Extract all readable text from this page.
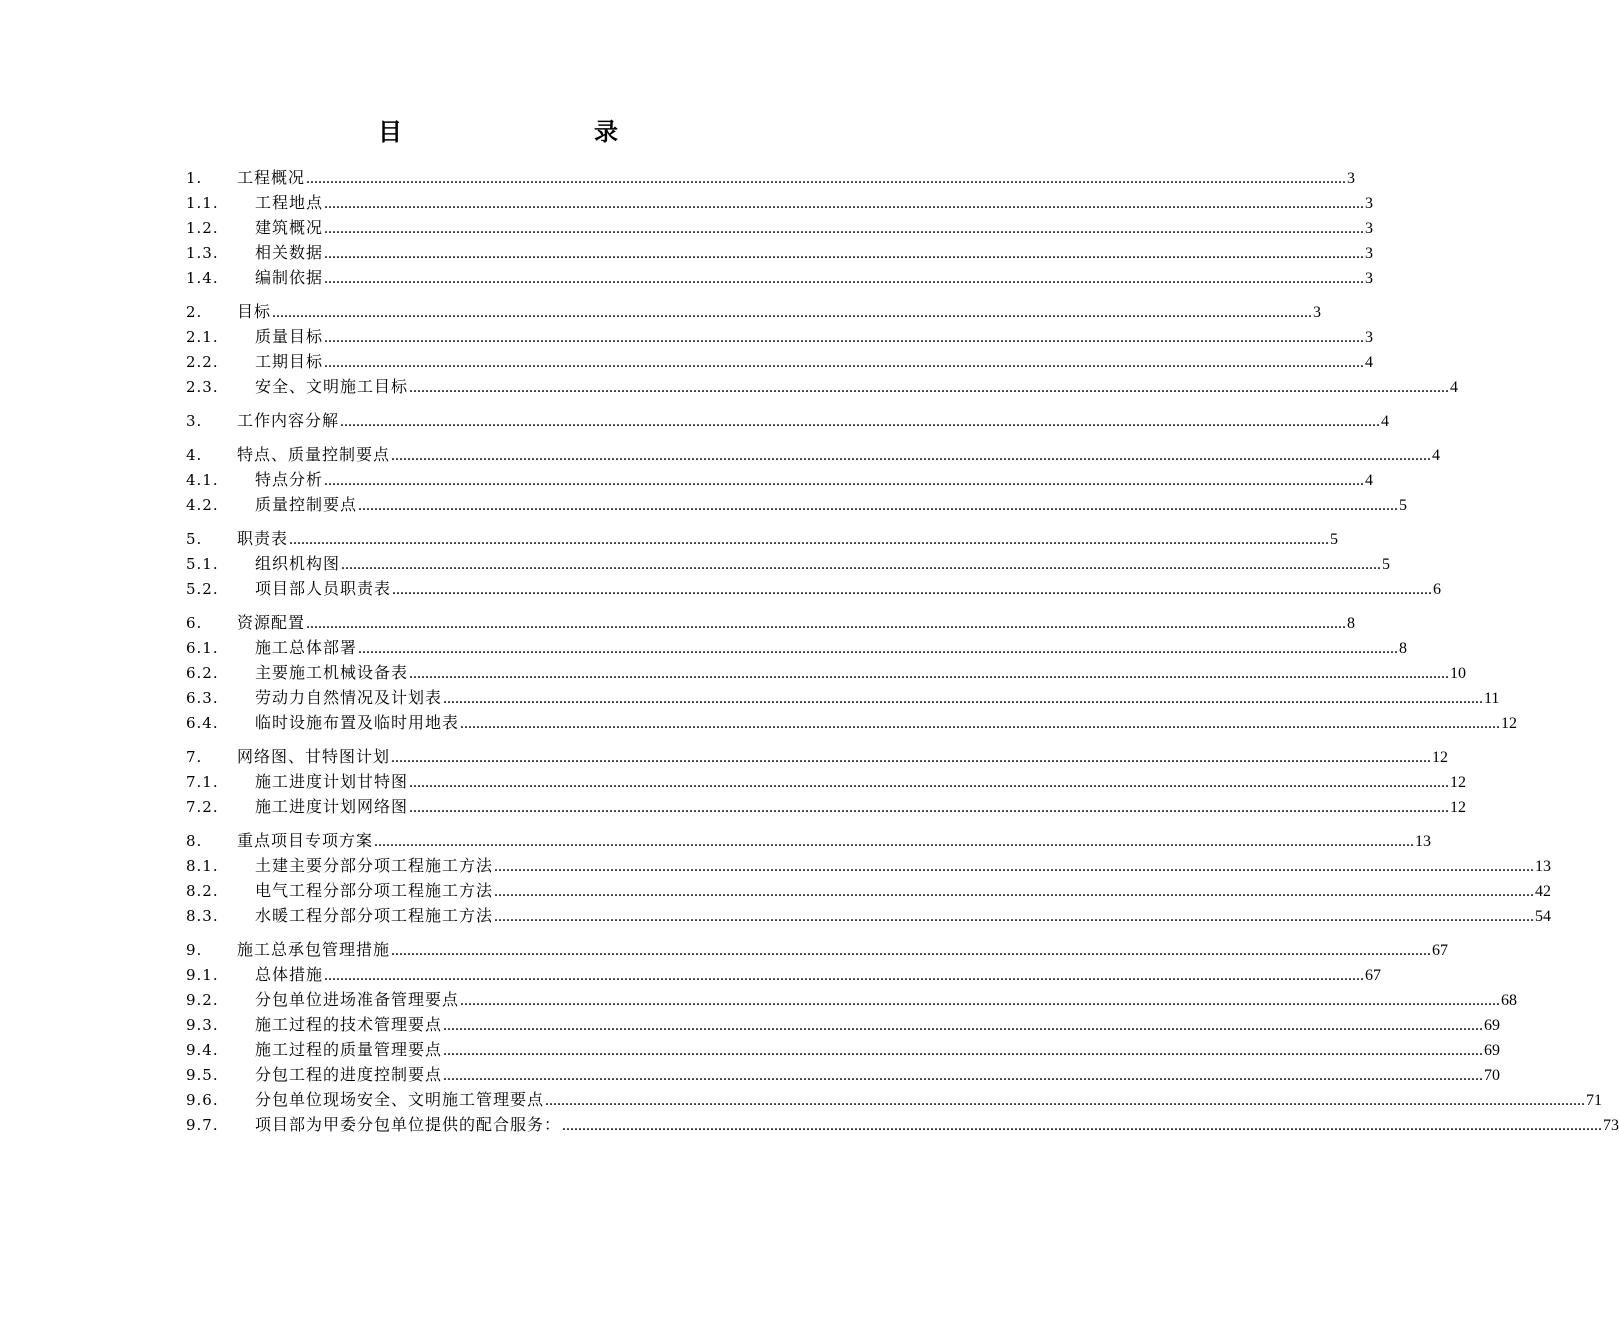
目	录
1.	工程概况 .................................................................................................................................................................................................................................................................... 3
1.1.	工程地点 .................................................................................................................................................................................................................................................................... 3
1.2.	建筑概况 .................................................................................................................................................................................................................................................................... 3
1.3.	相关数据 .................................................................................................................................................................................................................................................................... 3
1.4.	编制依据 .................................................................................................................................................................................................................................................................... 3
2.	目标 .................................................................................................................................................................................................................................................................... 3
2.1.	质量目标 .................................................................................................................................................................................................................................................................... 3
2.2.	工期目标 .................................................................................................................................................................................................................................................................... 4
2.3.	安全、文明施工目标 .................................................................................................................................................................................................................................................................... 4
3.	工作内容分解 .................................................................................................................................................................................................................................................................... 4
4.	特点、质量控制要点 .................................................................................................................................................................................................................................................................... 4
4.1.	特点分析 .................................................................................................................................................................................................................................................................... 4
4.2.	质量控制要点 .................................................................................................................................................................................................................................................................... 5
5.	职责表 .................................................................................................................................................................................................................................................................... 5
5.1.	组织机构图 .................................................................................................................................................................................................................................................................... 5
5.2.	项目部人员职责表 .................................................................................................................................................................................................................................................................... 6
6.	资源配置 .................................................................................................................................................................................................................................................................... 8
6.1.	施工总体部署 .................................................................................................................................................................................................................................................................... 8
6.2.	主要施工机械设备表 .................................................................................................................................................................................................................................................................... 10
6.3.	劳动力自然情况及计划表 .................................................................................................................................................................................................................................................................... 11
6.4.	临时设施布置及临时用地表 .................................................................................................................................................................................................................................................................... 12
7.	网络图、甘特图计划 .................................................................................................................................................................................................................................................................... 12
7.1.	施工进度计划甘特图 .................................................................................................................................................................................................................................................................... 12
7.2.	施工进度计划网络图 .................................................................................................................................................................................................................................................................... 12
8.	重点项目专项方案 .................................................................................................................................................................................................................................................................... 13
8.1.	土建主要分部分项工程施工方法 .................................................................................................................................................................................................................................................................... 13
8.2.	电气工程分部分项工程施工方法 .................................................................................................................................................................................................................................................................... 42
8.3.	水暖工程分部分项工程施工方法 .................................................................................................................................................................................................................................................................... 54
9.	施工总承包管理措施 .................................................................................................................................................................................................................................................................... 67
9.1.	总体措施 .................................................................................................................................................................................................................................................................... 67
9.2.	分包单位进场准备管理要点 .................................................................................................................................................................................................................................................................... 68
9.3.	施工过程的技术管理要点 .................................................................................................................................................................................................................................................................... 69
9.4.	施工过程的质量管理要点 .................................................................................................................................................................................................................................................................... 69
9.5.	分包工程的进度控制要点 .................................................................................................................................................................................................................................................................... 70
9.6.	分包单位现场安全、文明施工管理要点 .................................................................................................................................................................................................................................................................... 71
9.7.	项目部为甲委分包单位提供的配合服务： .................................................................................................................................................................................................................................................................... 73
